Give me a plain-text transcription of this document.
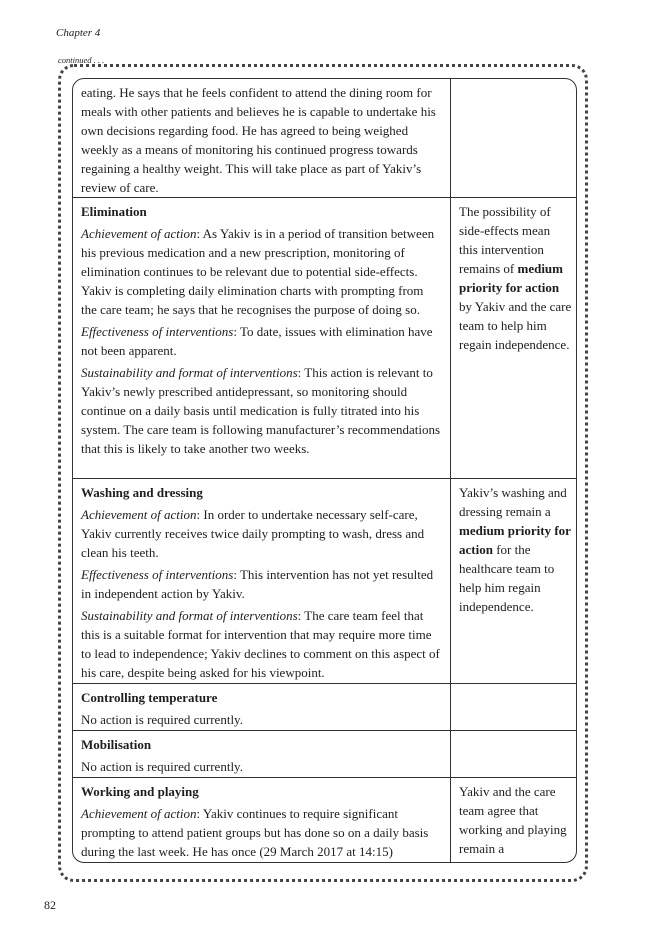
Chapter 4
continued . . .

eating. He says that he feels confident to attend the dining room for meals with other patients and believes he is capable to undertake his own decisions regarding food. He has agreed to being weighed weekly as a means of monitoring his continued progress towards regaining a healthy weight. This will take place as part of Yakiv’s review of care.

Elimination

Achievement of action: As Yakiv is in a period of transition between his previous medication and a new prescription, monitoring of elimination continues to be relevant due to potential side-effects. Yakiv is completing daily elimination charts with prompting from the care team; he says that he recognises the purpose of doing so.

Effectiveness of interventions: To date, issues with elimination have not been apparent.

Sustainability and format of interventions: This action is relevant to Yakiv’s newly prescribed antidepressant, so monitoring should continue on a daily basis until medication is fully titrated into his system. The care team is following manufacturer’s recommendations that this is likely to take another two weeks.

The possibility of side-effects mean this intervention remains of medium priority for action by Yakiv and the care team to help him regain independence.
Washing and dressing

Achievement of action: In order to undertake necessary self-care, Yakiv currently receives twice daily prompting to wash, dress and clean his teeth.

Effectiveness of interventions: This intervention has not yet resulted in independent action by Yakiv.

Sustainability and format of interventions: The care team feel that this is a suitable format for intervention that may require more time to lead to independence; Yakiv declines to comment on this aspect of his care, despite being asked for his viewpoint.

Yakiv’s washing and dressing remain a medium priority for action for the healthcare team to help him regain independence.
Controlling temperature

No action is required currently.

Mobilisation

No action is required currently.

Working and playing

Achievement of action: Yakiv continues to require significant prompting to attend patient groups but has done so on a daily basis during the last week. He has once (29 March 2017 at 14:15)

Yakiv and the care team agree that working and playing remain a
82
